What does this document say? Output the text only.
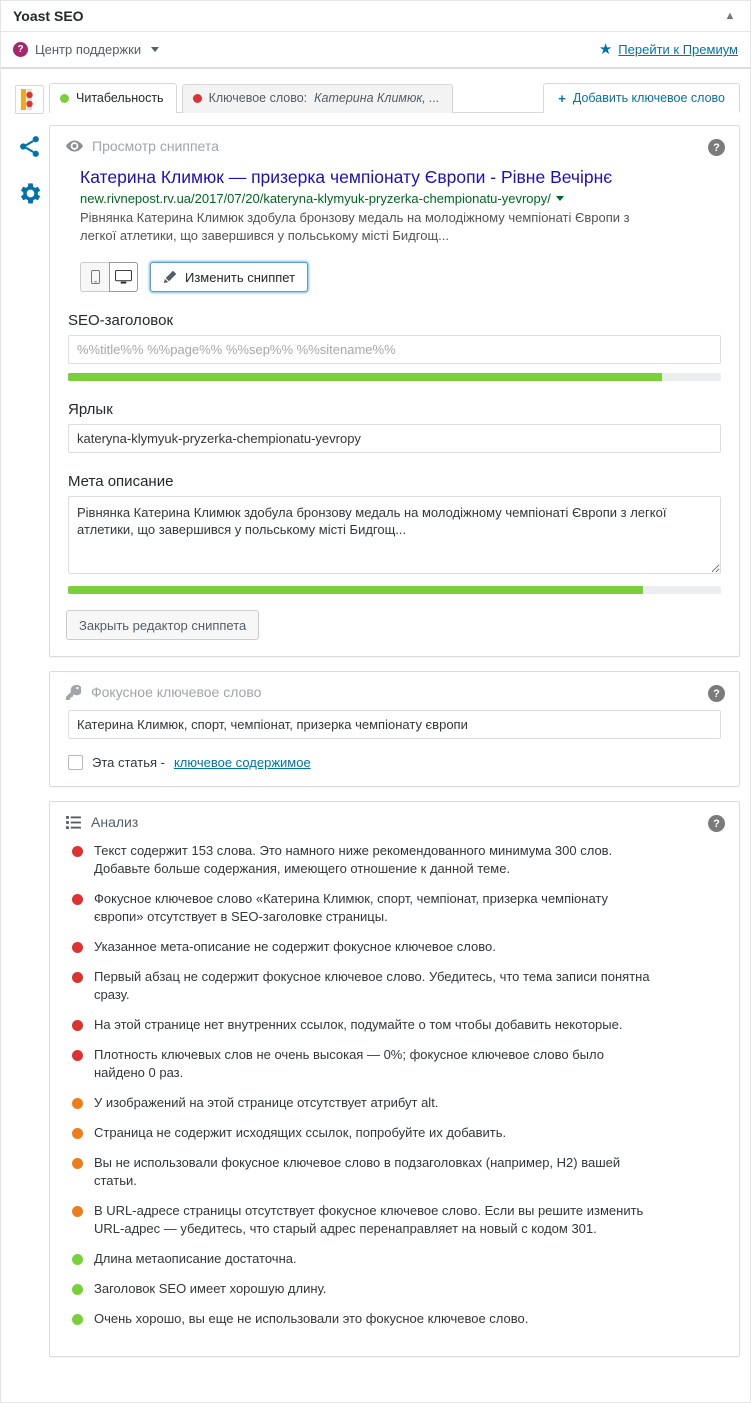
Yoast SEO	▲
? Центр поддержки	★ Перейти к Премиум
Читабельность	Ключевое слово: Катерина Климюк, ...	+ Добавить ключевое слово
?
Просмотр сниппета
Катерина Климюк — призерка чемпіонату Європи - Рівне Вечірнє
new.rivnepost.rv.ua/2017/07/20/kateryna-klymyuk-pryzerka-chempionatu-yevropy/
Рівнянка Катерина Климюк здобула бронзову медаль на молодіжному чемпіонаті Європи з легкої атлетики, що завершився у польському місті Бидгощ...
Изменить сниппет
SEO-заголовок
%%title%% %%page%% %%sep%% %%sitename%%
Ярлык
kateryna-klymyuk-pryzerka-chempionatu-yevropy
Мета описание
Рівнянка Катерина Климюк здобула бронзову медаль на молодіжному чемпіонаті Європи з легкої атлетики, що завершився у польському місті Бидгощ...
Закрыть редактор сниппета
?
Фокусное ключевое слово
Катерина Климюк, спорт, чемпіонат, призерка чемпіонату європи
Эта статья - ключевое содержимое
?
Анализ
Текст содержит 153 слова. Это намного ниже рекомендованного минимума 300 слов. Добавьте больше содержания, имеющего отношение к данной теме.
Фокусное ключевое слово «Катерина Климюк, спорт, чемпіонат, призерка чемпіонату європи» отсутствует в SEO-заголовке страницы.
Указанное мета-описание не содержит фокусное ключевое слово.
Первый абзац не содержит фокусное ключевое слово. Убедитесь, что тема записи понятна сразу.
На этой странице нет внутренних ссылок, подумайте о том чтобы добавить некоторые.
Плотность ключевых слов не очень высокая — 0%; фокусное ключевое слово было найдено 0 раз.
У изображений на этой странице отсутствует атрибут alt.
Страница не содержит исходящих ссылок, попробуйте их добавить.
Вы не использовали фокусное ключевое слово в подзаголовках (например, H2) вашей статьи.
В URL-адресе страницы отсутствует фокусное ключевое слово. Если вы решите изменить URL-адрес — убедитесь, что старый адрес перенаправляет на новый с кодом 301.
Длина метаописание достаточна.
Заголовок SEO имеет хорошую длину.
Очень хорошо, вы еще не использовали это фокусное ключевое слово.
